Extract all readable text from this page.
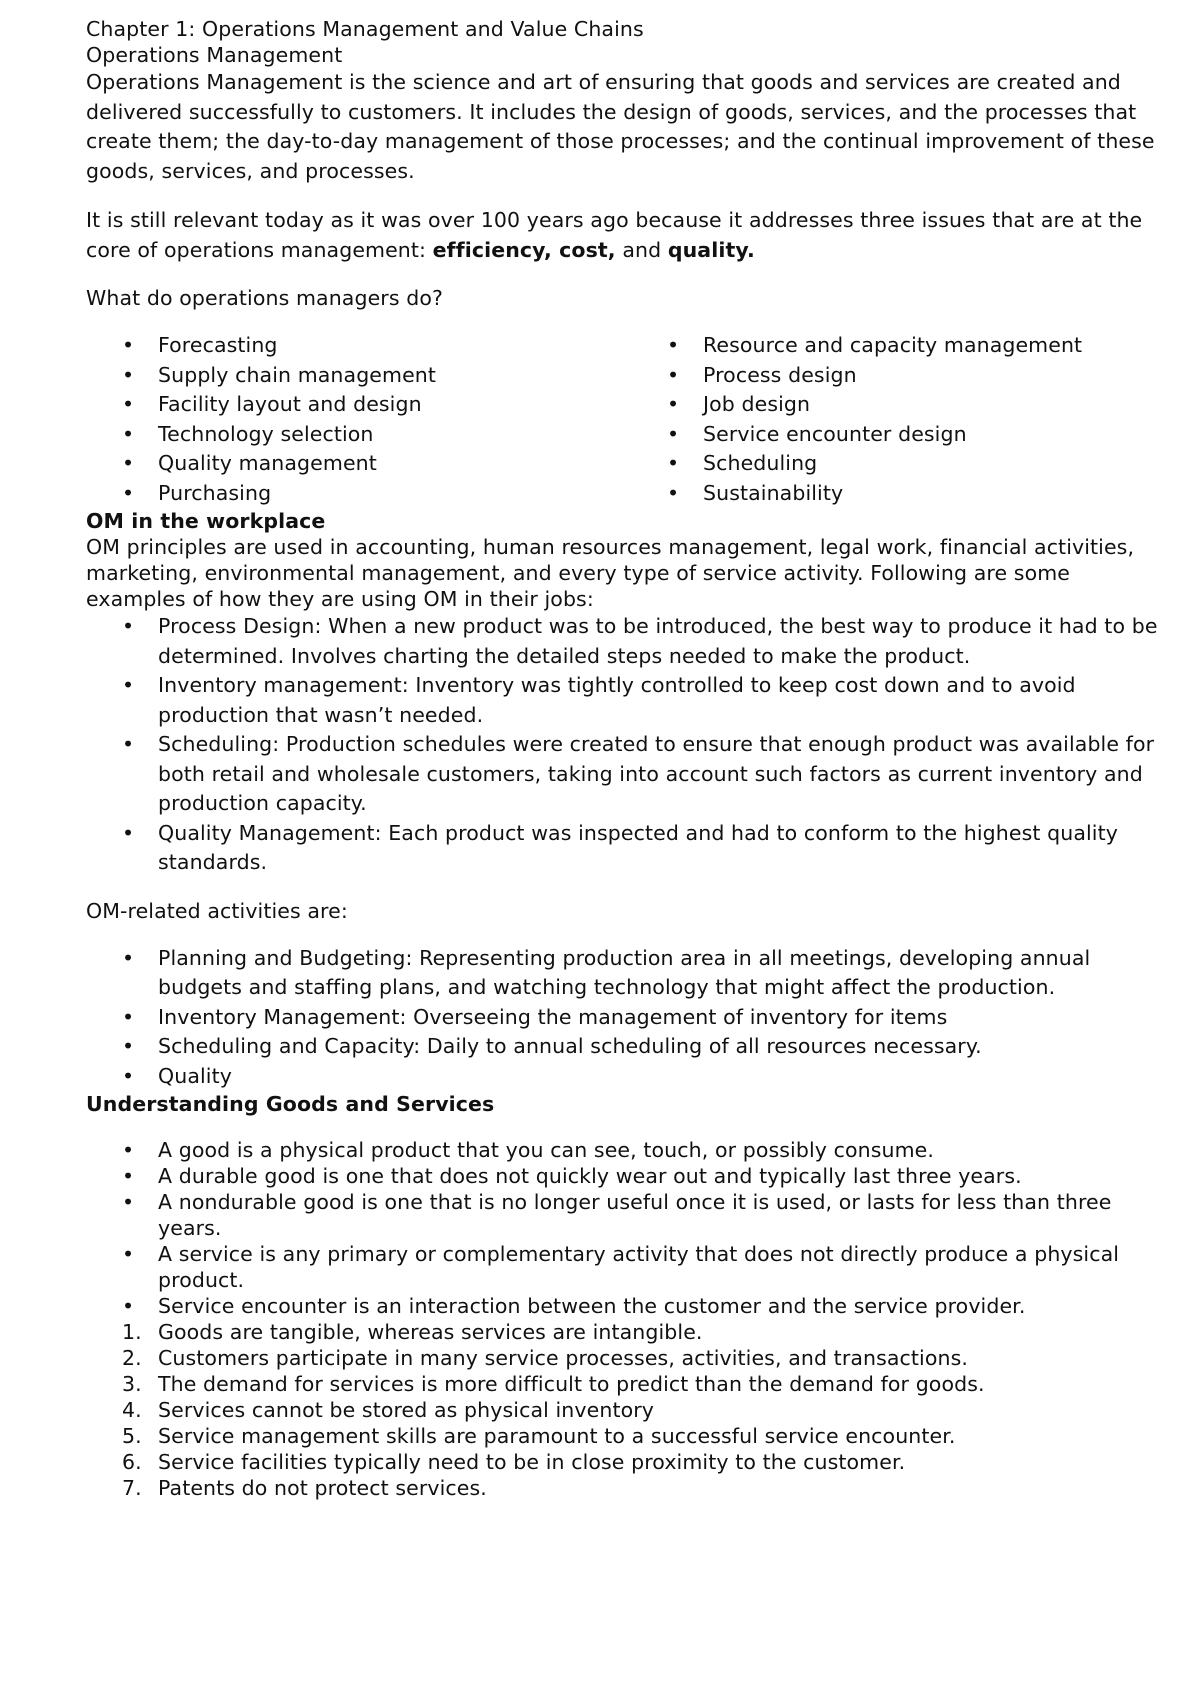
Chapter 1: Operations Management and Value Chains

Operations Management

Operations Management is the science and art of ensuring that goods and services are created and delivered successfully to customers. It includes the design of goods, services, and the processes that create them; the day-to-day management of those processes; and the continual improvement of these goods, services, and processes.

It is still relevant today as it was over 100 years ago because it addresses three issues that are at the core of operations management: efficiency, cost, and quality.

What do operations managers do?

• Forecasting
• Supply chain management
• Facility layout and design
• Technology selection
• Quality management
• Purchasing
• Resource and capacity management
• Process design
• Job design
• Service encounter design
• Scheduling
• Sustainability

OM in the workplace

OM principles are used in accounting, human resources management, legal work, financial activities, marketing, environmental management, and every type of service activity. Following are some examples of how they are using OM in their jobs:

• Process Design: When a new product was to be introduced, the best way to produce it had to be determined. Involves charting the detailed steps needed to make the product.
• Inventory management: Inventory was tightly controlled to keep cost down and to avoid production that wasn’t needed.
• Scheduling: Production schedules were created to ensure that enough product was available for both retail and wholesale customers, taking into account such factors as current inventory and production capacity.
• Quality Management: Each product was inspected and had to conform to the highest quality standards.

OM-related activities are:

• Planning and Budgeting: Representing production area in all meetings, developing annual budgets and staffing plans, and watching technology that might affect the production.
• Inventory Management: Overseeing the management of inventory for items
• Scheduling and Capacity: Daily to annual scheduling of all resources necessary.
• Quality

Understanding Goods and Services

• A good is a physical product that you can see, touch, or possibly consume.
• A durable good is one that does not quickly wear out and typically last three years.
• A nondurable good is one that is no longer useful once it is used, or lasts for less than three years.
• A service is any primary or complementary activity that does not directly produce a physical product.
• Service encounter is an interaction between the customer and the service provider.
1. Goods are tangible, whereas services are intangible.
2. Customers participate in many service processes, activities, and transactions.
3. The demand for services is more difficult to predict than the demand for goods.
4. Services cannot be stored as physical inventory
5. Service management skills are paramount to a successful service encounter.
6. Service facilities typically need to be in close proximity to the customer.
7. Patents do not protect services.
